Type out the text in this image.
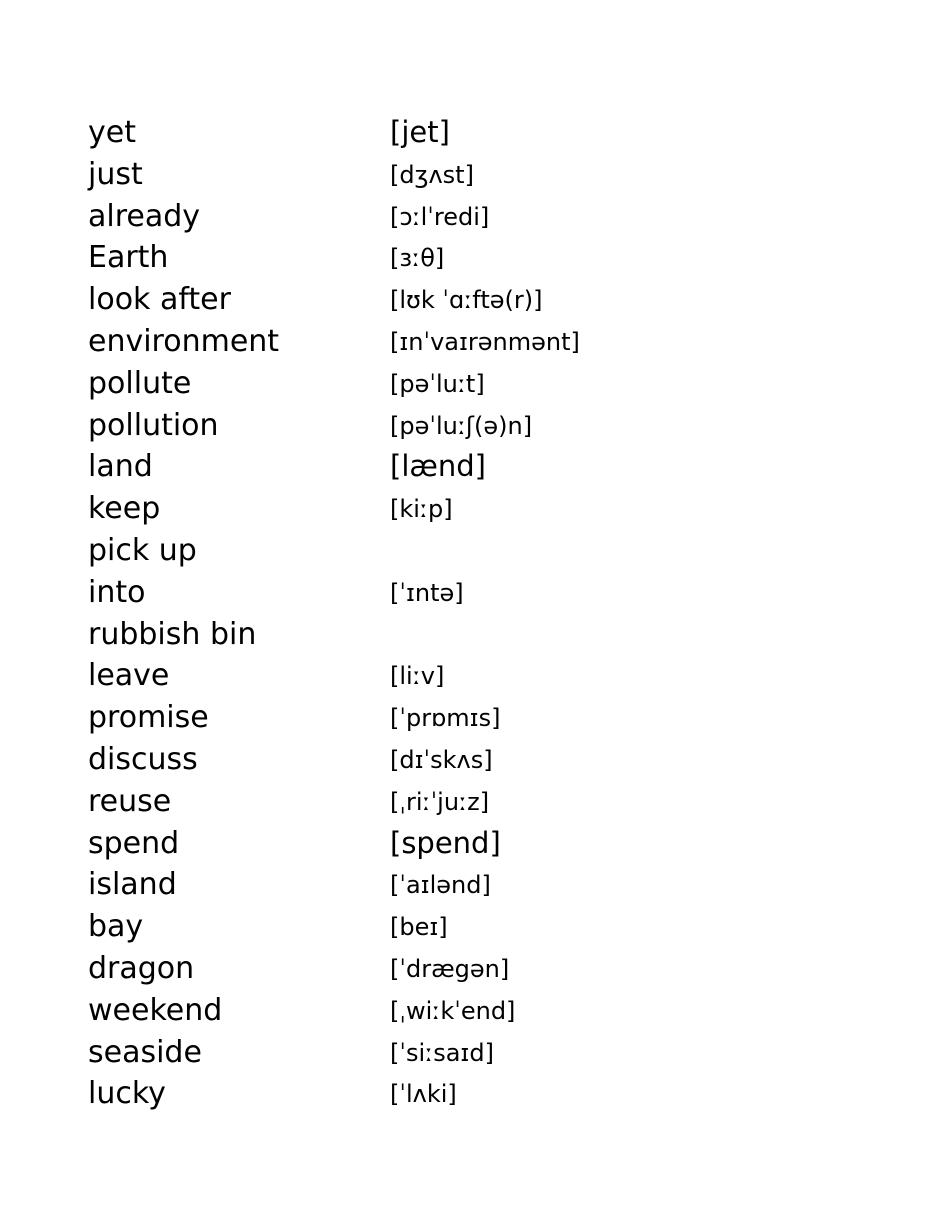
yet	[jet]
just	[dʒʌst]
already	[ɔːlˈredi]
Earth	[ɜːθ]
look after	[lʊk ˈɑːftə(r)]
environment	[ɪnˈvaɪrənmənt]
pollute	[pəˈluːt]
pollution	[pəˈluːʃ(ə)n]
land	[lænd]
keep	[kiːp]
pick up
into	[ˈɪntə]
rubbish bin
leave	[liːv]
promise	[ˈprɒmɪs]
discuss	[dɪˈskʌs]
reuse	[ˌriːˈjuːz]
spend	[spend]
island	[ˈaɪlənd]
bay	[beɪ]
dragon	[ˈdrægən]
weekend	[ˌwiːkˈend]
seaside	[ˈsiːsaɪd]
lucky	[ˈlʌki]
